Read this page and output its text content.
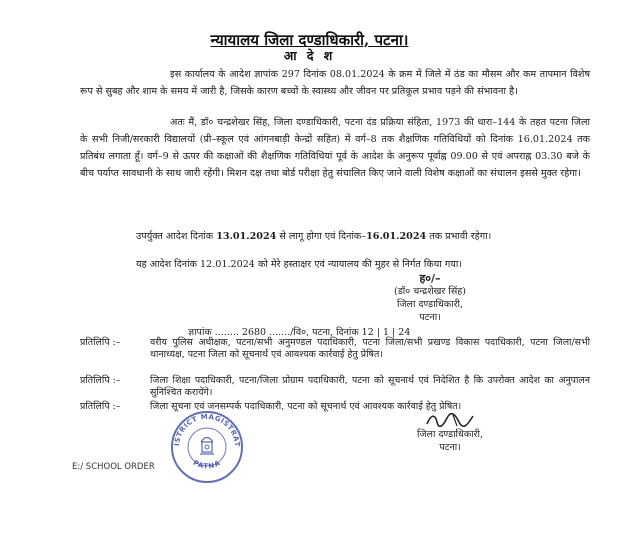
न्यायालय जिला दण्डाधिकारी, पटना।
आ दे श
इस कार्यालय के आदेश ज्ञापांक 297 दिनांक 08.01.2024 के क्रम में जिले में ठंड का मौसम और कम तापमान विशेष रूप से सुबह और शाम के समय में जारी है, जिसके कारण बच्चों के स्वास्थ्य और जीवन पर प्रतिकूल प्रभाव पड़ने की संभावना है।
अतः मैं, डॉ० चन्द्रशेखर सिंह, जिला दण्डाधिकारी, पटना दंड प्रक्रिया संहिता, 1973 की धारा–144 के तहत पटना जिला के सभी निजी/सरकारी विद्यालयों (प्री–स्कूल एवं आंगनबाड़ी केन्द्रों सहित) में वर्ग–8 तक शैक्षणिक गतिविधियों को दिनांक 16.01.2024 तक प्रतिबंध लगाता हूँ। वर्ग–9 से ऊपर की कक्षाओं की शैक्षणिक गतिविधियां पूर्व के आदेश के अनुरूप पूर्वाह्न 09.00 से एवं अपराह्न 03.30 बजे के बीच पर्याप्त सावधानी के साथ जारी रहेंगी। मिशन दक्ष तथा बोर्ड परीक्षा हेतु संचालित किए जाने वाली विशेष कक्षाओं का संचालन इससे मुक्त रहेगा।
उपर्युक्त आदेश दिनांक 13.01.2024 से लागू होगा एवं दिनांक–16.01.2024 तक प्रभावी रहेगा।
यह आदेश दिनांक 12.01.2024 को मेरे हस्ताक्षर एवं न्यायालय की मुहर से निर्गत किया गया।
ह०/–
(डॉ० चन्द्रशेखर सिंह)
जिला दण्डाधिकारी,
पटना।
ज्ञापांक ........ 2680 ......./वि०, पटना, दिनांक 12 | 1 | 24
प्रतिलिपि :–	वरीय पुलिस अधीक्षक, पटना/सभी अनुमण्डल पदाधिकारी, पटना जिला/सभी प्रखण्ड विकास पदाधिकारी, पटना जिला/सभी थानाध्यक्ष, पटना जिला को सूचनार्थ एवं आवश्यक कार्रवाई हेतु प्रेषित।
प्रतिलिपि :–	जिला शिक्षा पदाधिकारी, पटना/जिला प्रोग्राम पदाधिकारी, पटना को सूचनार्थ एवं निदेशित है कि उपरोक्त आदेश का अनुपालन सुनिश्चित करायेंगे।
प्रतिलिपि :–	जिला सूचना एवं जनसम्पर्क पदाधिकारी, पटना को सूचनार्थ एवं आवश्यक कार्रवाई हेतु प्रेषित।
ISTRICT MAGISTRAT
PATNA
जिला दण्डाधिकारी,
पटना।
E:/ SCHOOL ORDER
